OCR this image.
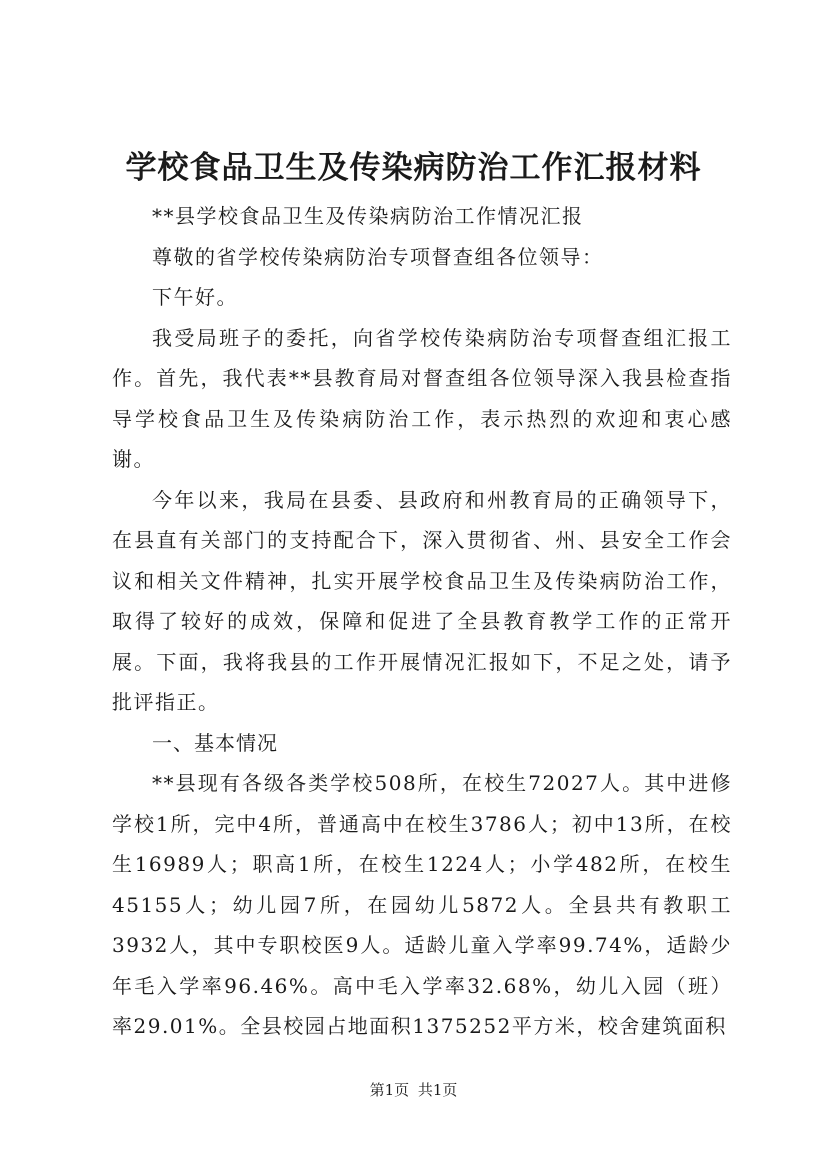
学校食品卫生及传染病防治工作汇报材料

**县学校食品卫生及传染病防治工作情况汇报

尊敬的省学校传染病防治专项督查组各位领导：

下午好。

我受局班子的委托，向省学校传染病防治专项督查组汇报工作。首先，我代表**县教育局对督查组各位领导深入我县检查指导学校食品卫生及传染病防治工作，表示热烈的欢迎和衷心感谢。

今年以来，我局在县委、县政府和州教育局的正确领导下，在县直有关部门的支持配合下，深入贯彻省、州、县安全工作会议和相关文件精神，扎实开展学校食品卫生及传染病防治工作，取得了较好的成效，保障和促进了全县教育教学工作的正常开展。下面，我将我县的工作开展情况汇报如下，不足之处，请予批评指正。

一、基本情况

**县现有各级各类学校508所，在校生72027人。其中进修学校1所，完中4所，普通高中在校生3786人；初中13所，在校生16989人；职高1所，在校生1224人；小学482所，在校生45155人；幼儿园7所，在园幼儿5872人。全县共有教职工3932人，其中专职校医9人。适龄儿童入学率99.74%，适龄少年毛入学率96.46%。高中毛入学率32.68%，幼儿入园（班）率29.01%。全县校园占地面积1375252平方米，校舍建筑面积

第1页 共1页
